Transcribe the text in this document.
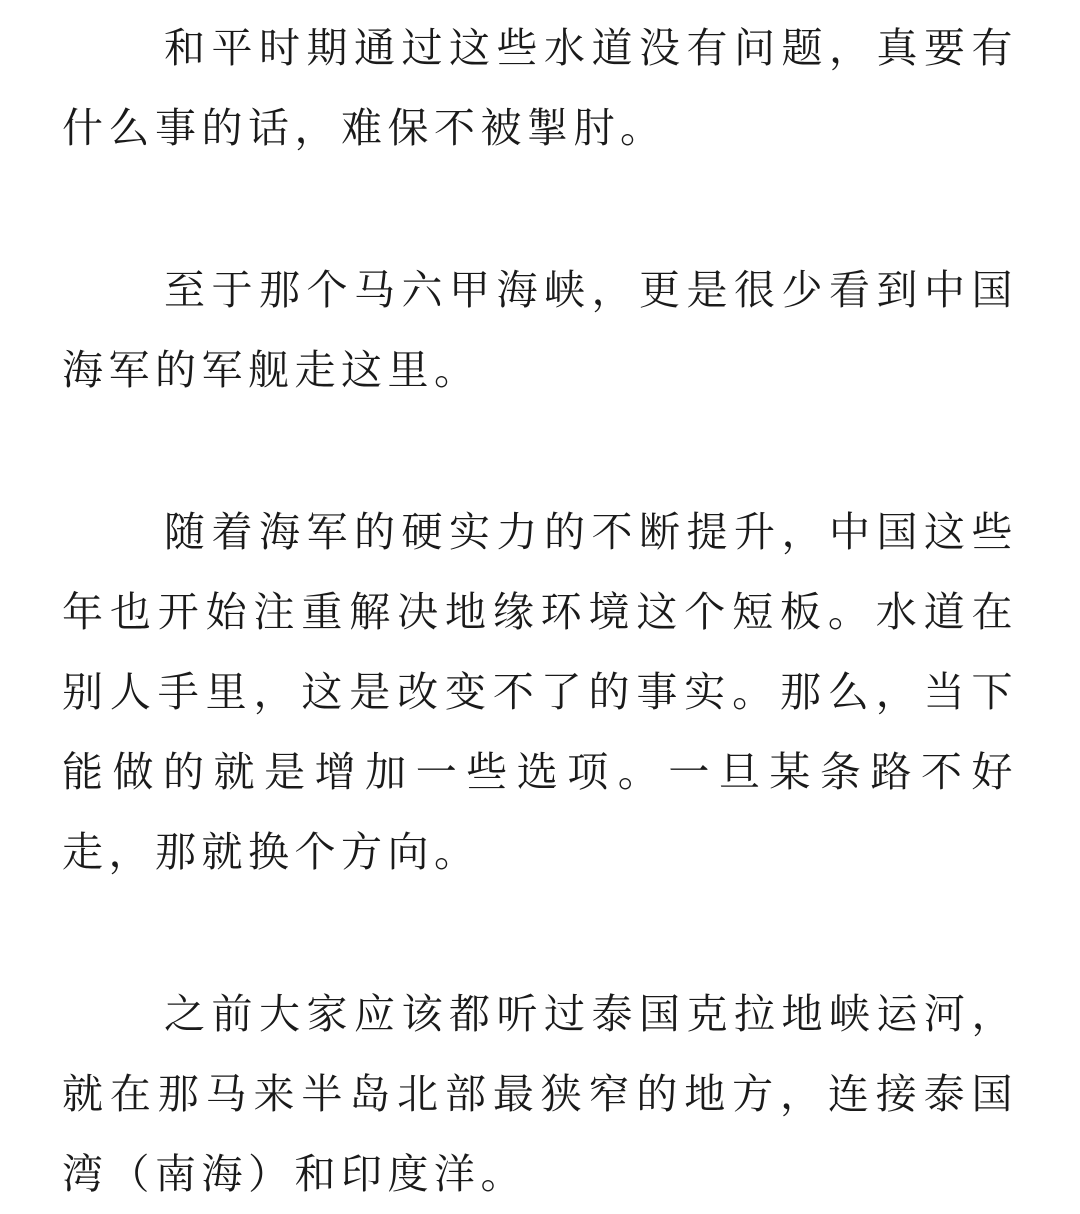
和平时期通过这些水道没有问题，真要有什么事的话，难保不被掣肘。

至于那个马六甲海峡，更是很少看到中国海军的军舰走这里。

随着海军的硬实力的不断提升，中国这些年也开始注重解决地缘环境这个短板。水道在别人手里，这是改变不了的事实。那么，当下能做的就是增加一些选项。一旦某条路不好走，那就换个方向。

之前大家应该都听过泰国克拉地峡运河，就在那马来半岛北部最狭窄的地方，连接泰国湾（南海）和印度洋。
